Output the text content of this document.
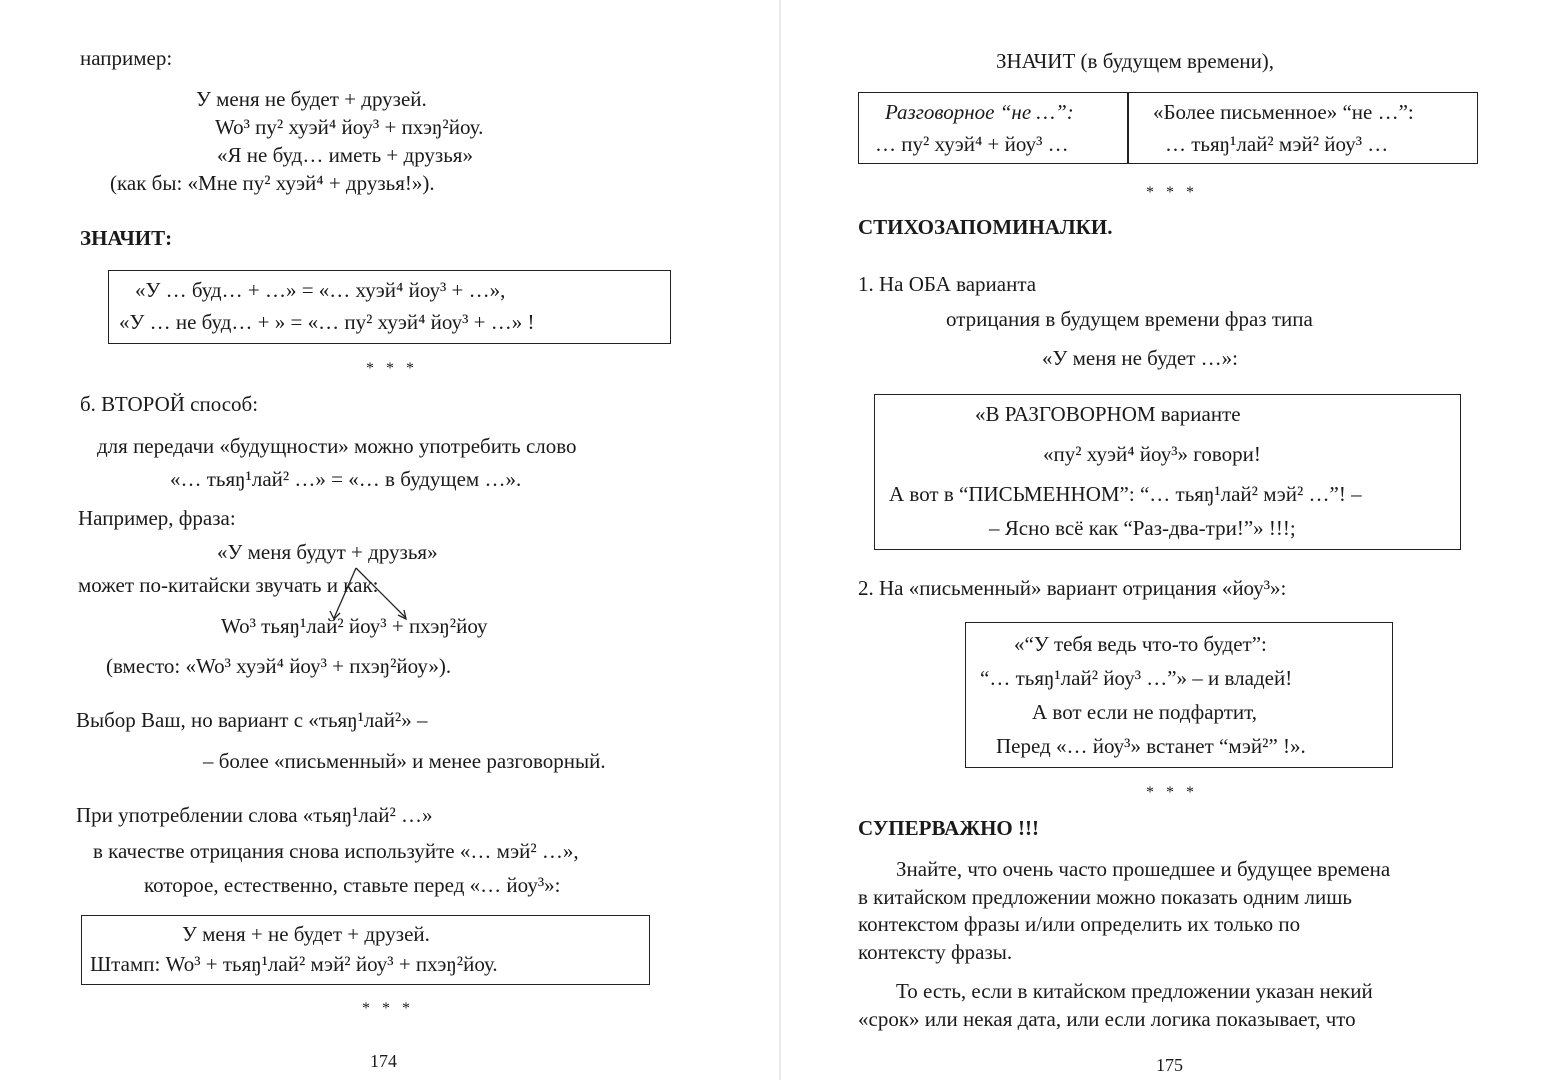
например:
У меня не будет + друзей.
Wo³ пу² хуэй⁴ йоу³ + пхэŋ²йоу.
«Я не буд… иметь + друзья»
(как бы: «Мне пу² хуэй⁴ + друзья!»).
ЗНАЧИТ:
«У … буд… + …» = «… хуэй⁴ йоу³ + …»,
«У … не буд… + » = «… пу² хуэй⁴ йоу³ + …» !
* * *
б. ВТОРОЙ способ:
для передачи «будущности» можно употребить слово
«… тьяŋ¹лай² …» = «… в будущем …».
Например, фраза:
«У меня будут + друзья»
может по-китайски звучать и как:
Wo³ тьяŋ¹лай² йоу³ + пхэŋ²йоу
(вместо: «Wo³ хуэй⁴ йоу³ + пхэŋ²йоу»).
Выбор Ваш, но вариант с «тьяŋ¹лай²» –
– более «письменный» и менее разговорный.
При употреблении слова «тьяŋ¹лай² …»
в качестве отрицания снова используйте «… мэй² …»,
которое, естественно, ставьте перед «… йоу³»:
У меня + не будет + друзей.
Штамп: Wo³ + тьяŋ¹лай² мэй² йоу³ + пхэŋ²йоу.
* * *
174
ЗНАЧИТ (в будущем времени),
Разговорное “не …”:
… пу² хуэй⁴ + йоу³ …
«Более письменное» “не …”:
… тьяŋ¹лай² мэй² йоу³ …
* * *
СТИХОЗАПОМИНАЛКИ.
1. На ОБА варианта
отрицания в будущем времени фраз типа
«У меня не будет …»:
«В РАЗГОВОРНОМ варианте
«пу² хуэй⁴ йоу³» говори!
А вот в “ПИСЬМЕННОМ”: “… тьяŋ¹лай² мэй² …”! –
– Ясно всё как “Раз-два-три!”» !!!;
2. На «письменный» вариант отрицания «йоу³»:
«“У тебя ведь что-то будет”:
“… тьяŋ¹лай² йоу³ …”» – и владей!
А вот если не подфартит,
Перед «… йоу³» встанет “мэй²” !».
* * *
СУПЕРВАЖНО !!!
Знайте, что очень часто прошедшее и будущее времена
в китайском предложении можно показать одним лишь
контекстом фразы и/или определить их только по
контексту фразы.
То есть, если в китайском предложении указан некий
«срок» или некая дата, или если логика показывает, что
175
